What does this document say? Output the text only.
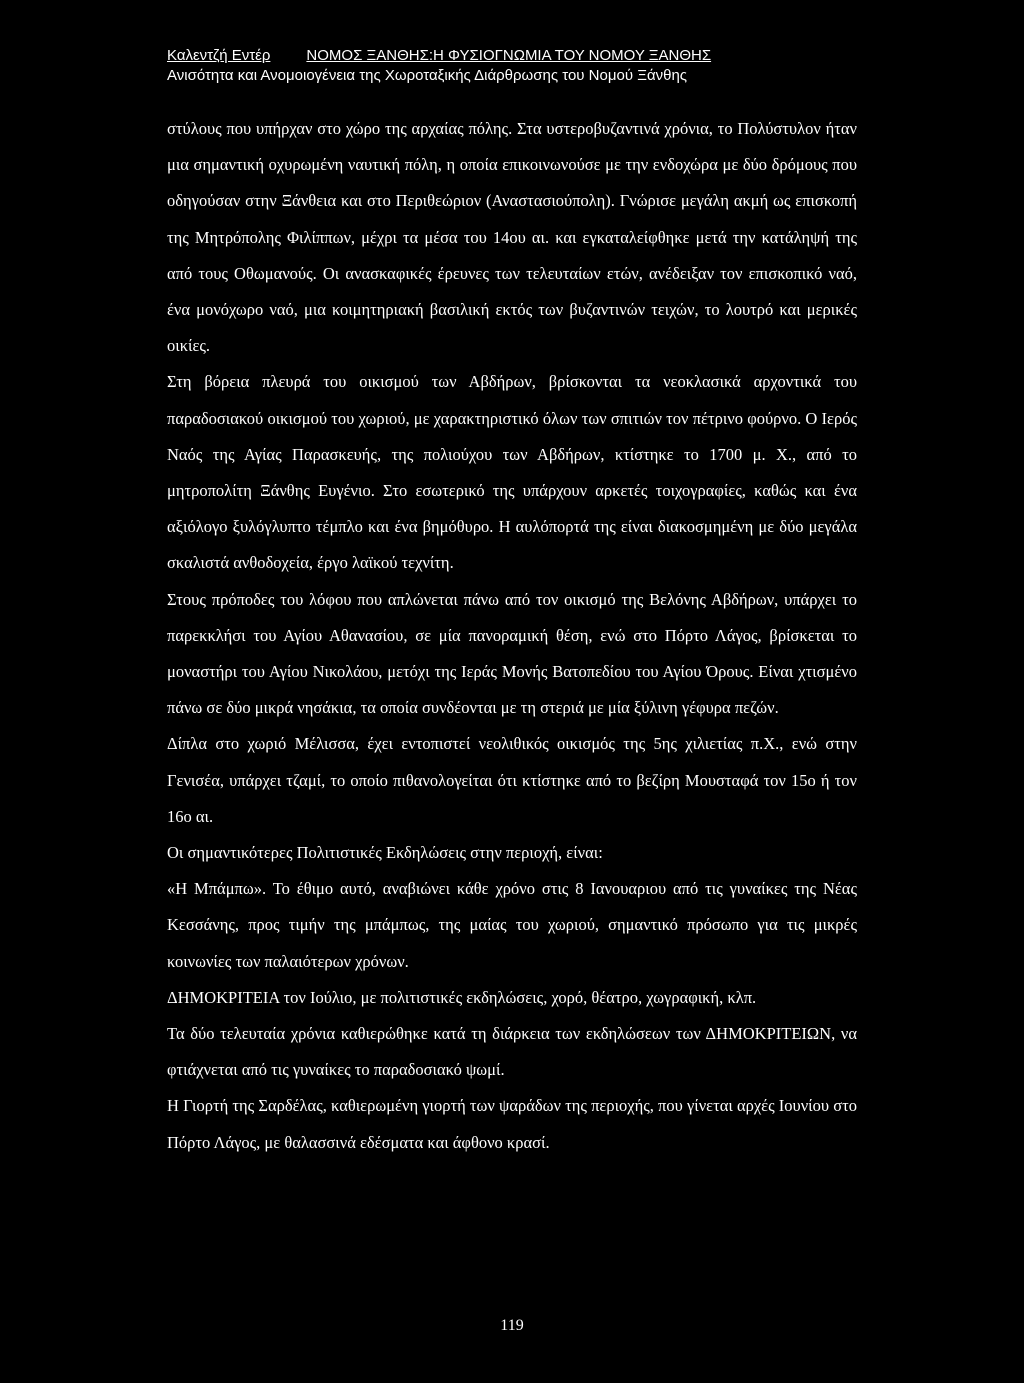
Καλεντζή Εντέρ ΝΟΜΟΣ ΞΑΝΘΗΣ:Η ΦΥΣΙΟΓΝΩΜΙΑ ΤΟΥ ΝΟΜΟΥ ΞΑΝΘΗΣ
Ανισότητα και Ανομοιογένεια της Χωροταξικής Διάρθρωσης του Νομού Ξάνθης

στύλους που υπήρχαν στο χώρο της αρχαίας πόλης. Στα υστεροβυζαντινά χρόνια, το Πολύστυλον ήταν μια σημαντική οχυρωμένη ναυτική πόλη, η οποία επικοινωνούσε με την ενδοχώρα με δύο δρόμους που οδηγούσαν στην Ξάνθεια και στο Περιθεώριον (Αναστασιούπολη). Γνώρισε μεγάλη ακμή ως επισκοπή της Μητρόπολης Φιλίππων, μέχρι τα μέσα του 14ου αι. και εγκαταλείφθηκε μετά την κατάληψή της από τους Οθωμανούς. Οι ανασκαφικές έρευνες των τελευταίων ετών, ανέδειξαν τον επισκοπικό ναό, ένα μονόχωρο ναό, μια κοιμητηριακή βασιλική εκτός των βυζαντινών τειχών, το λουτρό και μερικές οικίες.

Στη βόρεια πλευρά του οικισμού των Αβδήρων, βρίσκονται τα νεοκλασικά αρχοντικά του παραδοσιακού οικισμού του χωριού, με χαρακτηριστικό όλων των σπιτιών τον πέτρινο φούρνο. Ο Ιερός Ναός της Αγίας Παρασκευής, της πολιούχου των Αβδήρων, κτίστηκε το 1700 μ. Χ., από το μητροπολίτη Ξάνθης Ευγένιο. Στο εσωτερικό της υπάρχουν αρκετές τοιχογραφίες, καθώς και ένα αξιόλογο ξυλόγλυπτο τέμπλο και ένα βημόθυρο. Η αυλόπορτά της είναι διακοσμημένη με δύο μεγάλα σκαλιστά ανθοδοχεία, έργο λαϊκού τεχνίτη.

Στους πρόποδες του λόφου που απλώνεται πάνω από τον οικισμό της Βελόνης Αβδήρων, υπάρχει το παρεκκλήσι του Αγίου Αθανασίου, σε μία πανοραμική θέση, ενώ στο Πόρτο Λάγος, βρίσκεται το μοναστήρι του Αγίου Νικολάου, μετόχι της Ιεράς Μονής Βατοπεδίου του Αγίου Όρους. Είναι χτισμένο πάνω σε δύο μικρά νησάκια, τα οποία συνδέονται με τη στεριά με μία ξύλινη γέφυρα πεζών.

Δίπλα στο χωριό Μέλισσα, έχει εντοπιστεί νεολιθικός οικισμός της 5ης χιλιετίας π.Χ., ενώ στην Γενισέα, υπάρχει τζαμί, το οποίο πιθανολογείται ότι κτίστηκε από το βεζίρη Μουσταφά τον 15ο ή τον 16ο αι.

Οι σημαντικότερες Πολιτιστικές Εκδηλώσεις στην περιοχή, είναι:

«Η Μπάμπω». Το έθιμο αυτό, αναβιώνει κάθε χρόνο στις 8 Ιανουαριου από τις γυναίκες της Νέας Κεσσάνης, προς τιμήν της μπάμπως, της μαίας του χωριού, σημαντικό πρόσωπο για τις μικρές κοινωνίες των παλαιότερων χρόνων.

ΔΗΜΟΚΡΙΤΕΙΑ τον Ιούλιο, με πολιτιστικές εκδηλώσεις, χορό, θέατρο, χωγραφική, κλπ.

Τα δύο τελευταία χρόνια καθιερώθηκε κατά τη διάρκεια των εκδηλώσεων των ΔΗΜΟΚΡΙΤΕΙΩΝ, να φτιάχνεται από τις γυναίκες το παραδοσιακό ψωμί.

Η Γιορτή της Σαρδέλας, καθιερωμένη γιορτή των ψαράδων της περιοχής, που γίνεται αρχές Ιουνίου στο Πόρτο Λάγος, με θαλασσινά εδέσματα και άφθονο κρασί.

119
